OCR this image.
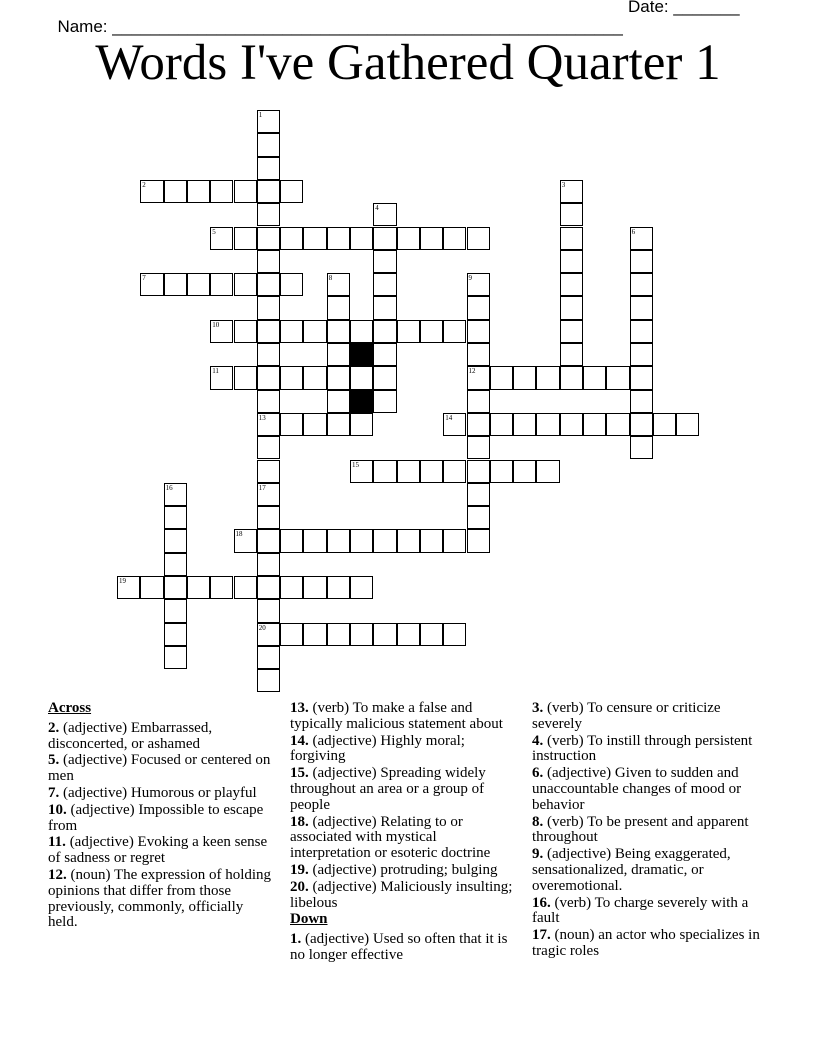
Name: ______________________________________________________

Date: _______

Words I've Gathered Quarter 1
1
13
17
20
2	3
4
5	6
7	8	9
12
10
11
14
15
16
18
19
Across
2. (adjective) Embarrassed, disconcerted, or ashamed
5. (adjective) Focused or centered on men
7. (adjective) Humorous or playful
10. (adjective) Impossible to escape from
11. (adjective) Evoking a keen sense of sadness or regret
12. (noun) The expression of holding opinions that differ from those previously, commonly, officially held.
13. (verb) To make a false and typically malicious statement about
14. (adjective) Highly moral; forgiving
15. (adjective) Spreading widely throughout an area or a group of people
18. (adjective) Relating to or associated with mystical interpretation or esoteric doctrine
19. (adjective) protruding; bulging
20. (adjective) Maliciously insulting; libelous
Down
1. (adjective) Used so often that it is no longer effective
3. (verb) To censure or criticize severely
4. (verb) To instill through persistent instruction
6. (adjective) Given to sudden and unaccountable changes of mood or behavior
8. (verb) To be present and apparent throughout
9. (adjective) Being exaggerated, sensationalized, dramatic, or overemotional.
16. (verb) To charge severely with a fault
17. (noun) an actor who specializes in tragic roles
